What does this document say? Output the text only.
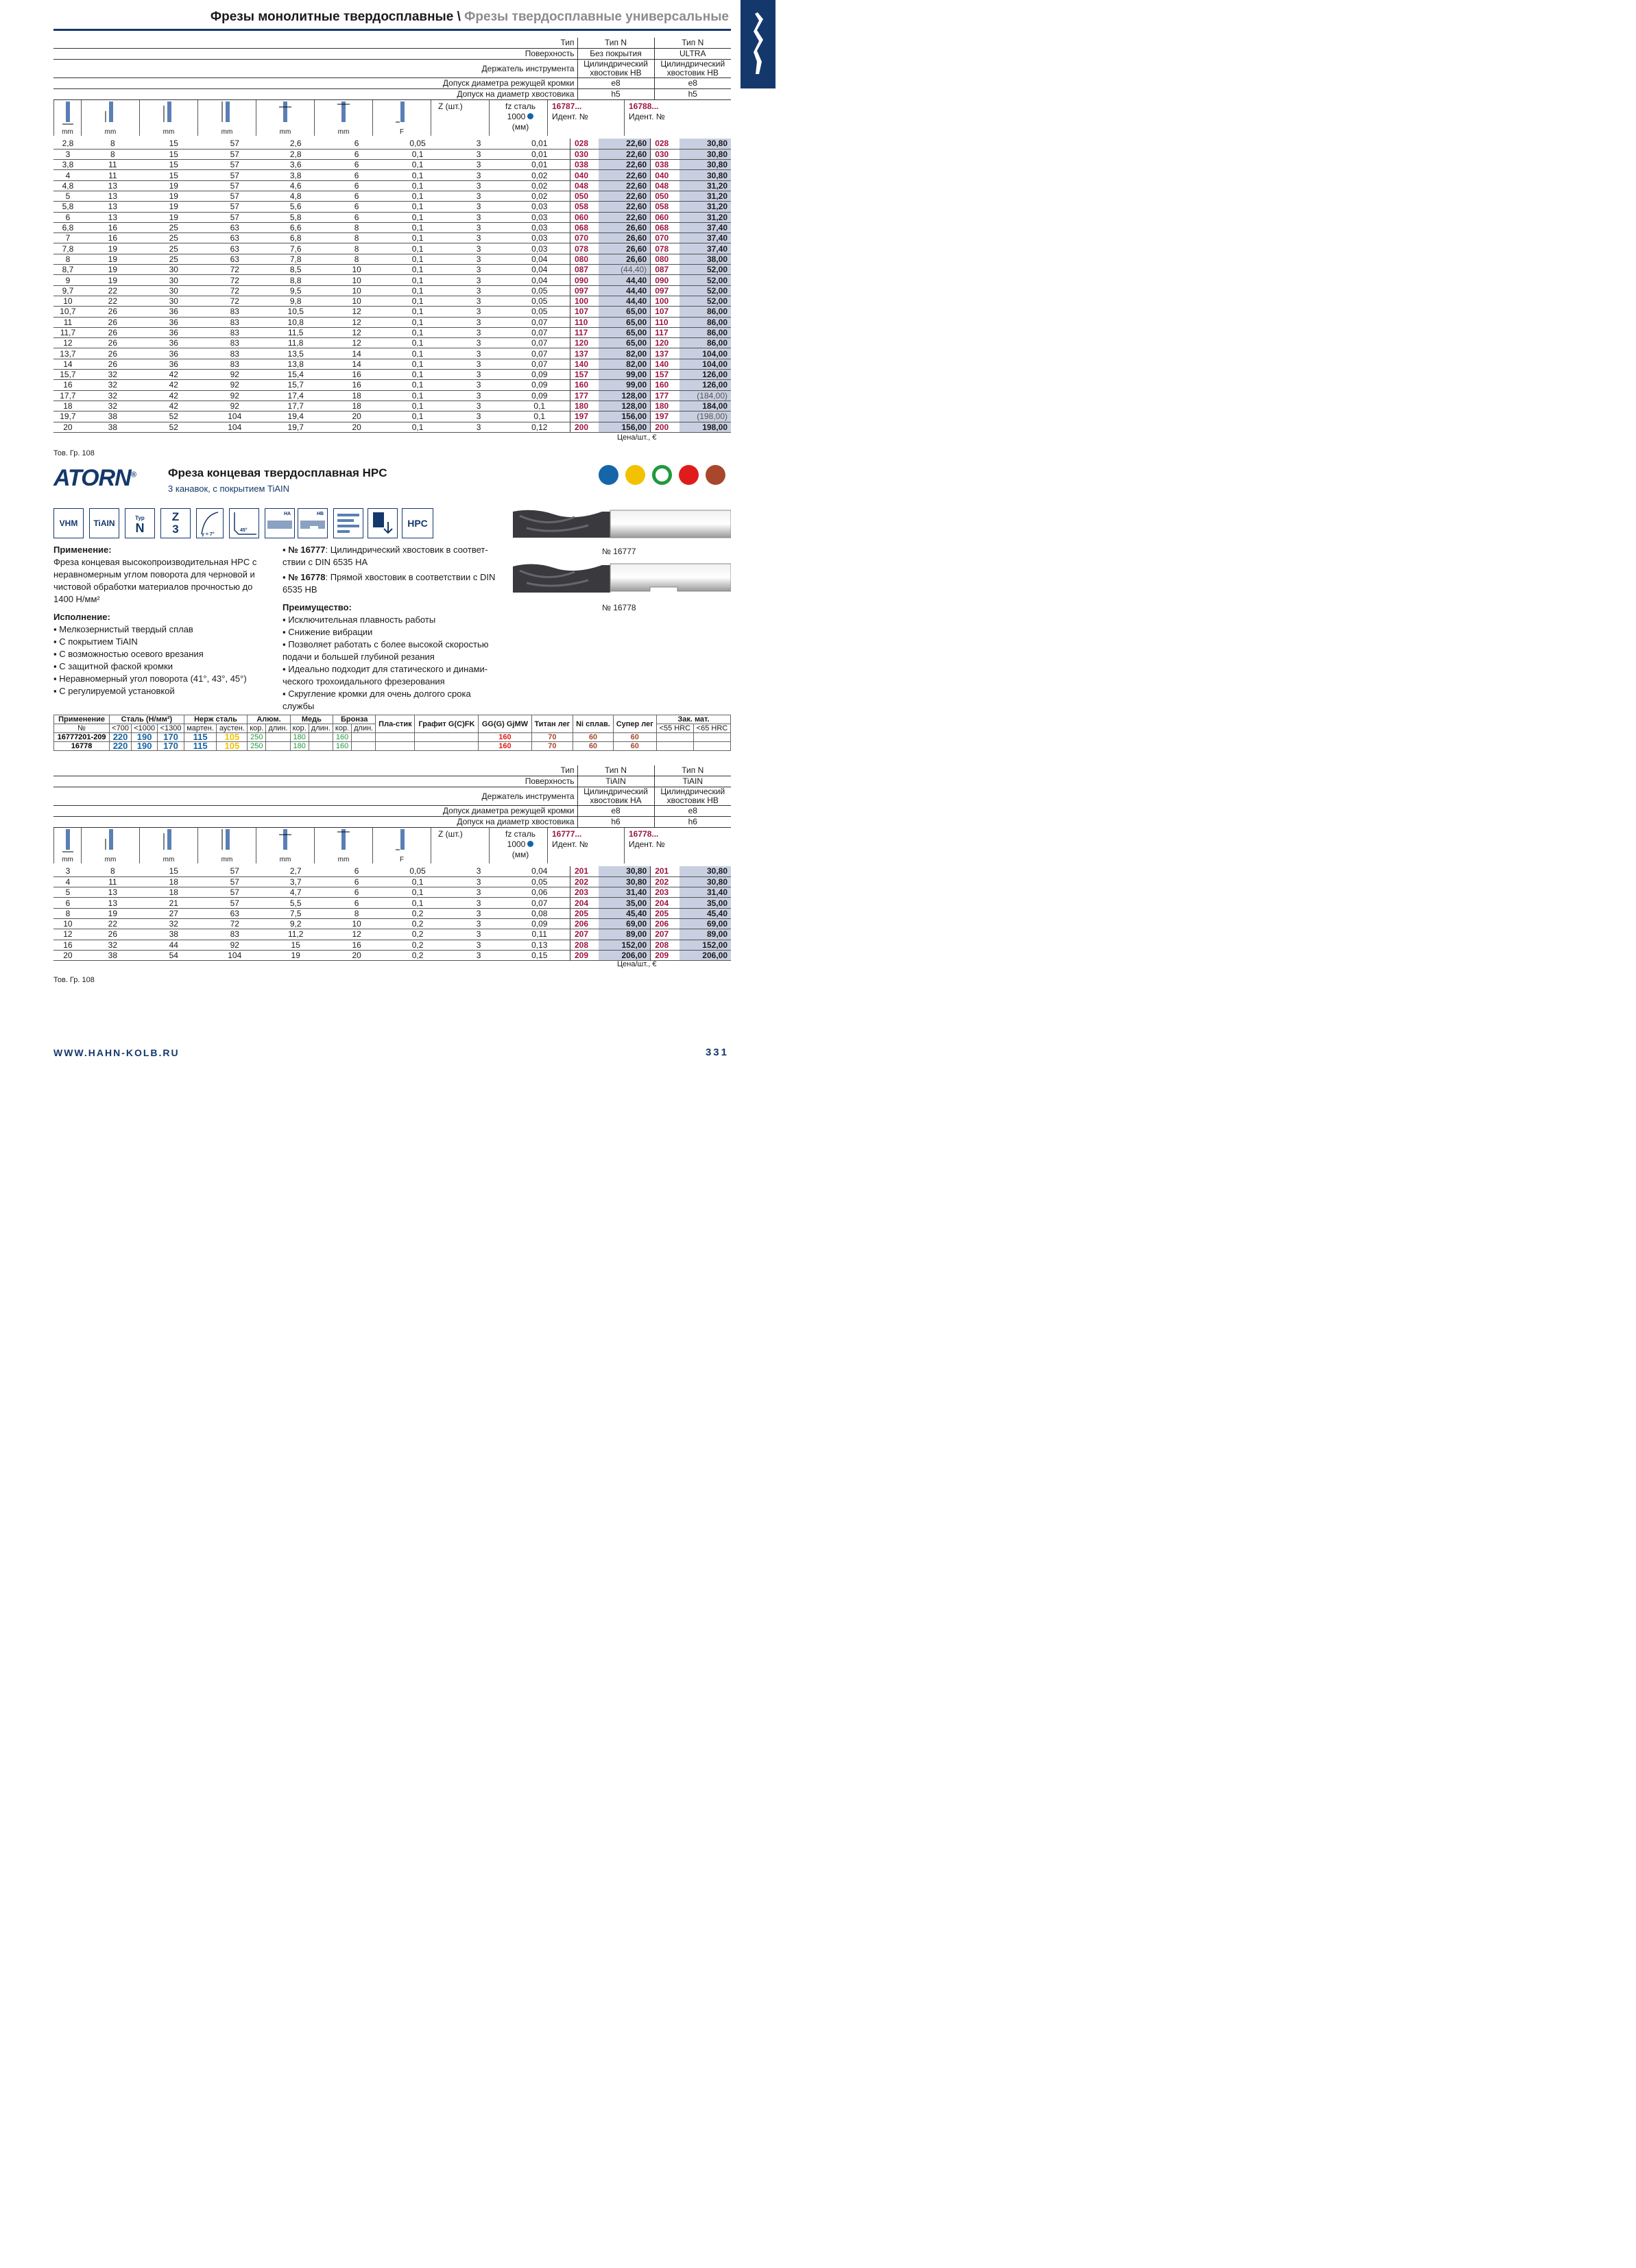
Фрезы монолитные твердосплавные \ Фрезы твердосплавные универсальные
Тип	Тип N	Тип N
Поверхность	Без покрытия	ULTRA
Держатель инструмента	Цилиндрический хвостовик HB	Цилиндрический хвостовик HB
Допуск диаметра режущей кромки	e8	e8
Допуск на диаметр хвостовика	h5	h5
mm	mm	mm	mm	mm	mm	F
Z (шт.)	fz сталь 1000
(мм)
16787...
Идент. №
16788...
Идент. №
2,8	8	15	57	2,6	6	0,05	3	0,01	028	22,60	028	30,80
3	8	15	57	2,8	6	0,1	3	0,01	030	22,60	030	30,80
3,8	11	15	57	3,6	6	0,1	3	0,01	038	22,60	038	30,80
4	11	15	57	3,8	6	0,1	3	0,02	040	22,60	040	30,80
4,8	13	19	57	4,6	6	0,1	3	0,02	048	22,60	048	31,20
5	13	19	57	4,8	6	0,1	3	0,02	050	22,60	050	31,20
5,8	13	19	57	5,6	6	0,1	3	0,03	058	22,60	058	31,20
6	13	19	57	5,8	6	0,1	3	0,03	060	22,60	060	31,20
6,8	16	25	63	6,6	8	0,1	3	0,03	068	26,60	068	37,40
7	16	25	63	6,8	8	0,1	3	0,03	070	26,60	070	37,40
7,8	19	25	63	7,6	8	0,1	3	0,03	078	26,60	078	37,40
8	19	25	63	7,8	8	0,1	3	0,04	080	26,60	080	38,00
8,7	19	30	72	8,5	10	0,1	3	0,04	087	(44,40)	087	52,00
9	19	30	72	8,8	10	0,1	3	0,04	090	44,40	090	52,00
9,7	22	30	72	9,5	10	0,1	3	0,05	097	44,40	097	52,00
10	22	30	72	9,8	10	0,1	3	0,05	100	44,40	100	52,00
10,7	26	36	83	10,5	12	0,1	3	0,05	107	65,00	107	86,00
11	26	36	83	10,8	12	0,1	3	0,07	110	65,00	110	86,00
11,7	26	36	83	11,5	12	0,1	3	0,07	117	65,00	117	86,00
12	26	36	83	11,8	12	0,1	3	0,07	120	65,00	120	86,00
13,7	26	36	83	13,5	14	0,1	3	0,07	137	82,00	137	104,00
14	26	36	83	13,8	14	0,1	3	0,07	140	82,00	140	104,00
15,7	32	42	92	15,4	16	0,1	3	0,09	157	99,00	157	126,00
16	32	42	92	15,7	16	0,1	3	0,09	160	99,00	160	126,00
17,7	32	42	92	17,4	18	0,1	3	0,09	177	128,00	177	(184,00)
18	32	42	92	17,7	18	0,1	3	0,1	180	128,00	180	184,00
19,7	38	52	104	19,4	20	0,1	3	0,1	197	156,00	197	(198,00)
20	38	52	104	19,7	20	0,1	3	0,12	200	156,00	200	198,00
Цена/шт., €
Тов. Гр. 108
ATORN®	Фреза концевая твердосплавная HPC
3 канавок, с покрытием TiAIN
VHM TiAIN
Typ
N
Z
3	γ = 7°
45°
HA	HB
HPC
№ 16777
№ 16778
Применение:

Фреза концевая высокопроизводительная HPC с неравномерным углом поворота для черновой и чистовой обработки материалов прочностью до 1400 Н/мм²

Исполнение:
▪ Мелкозернистый твердый сплав
▪ С покрытием TiAIN
▪ С возможностью осевого врезания
▪ С защитной фаской кромки
▪ Неравномерный угол поворота (41°, 43°, 45°)
▪ С регулируемой установкой
▪ № 16777: Цилиндрический хвостовик в соответ-ствии с DIN 6535 HA
▪ № 16778: Прямой хвостовик в соответствии с DIN 6535 HB
Преимущество:
▪ Исключительная плавность работы
▪ Снижение вибрации
▪ Позволяет работать с более высокой скоростью подачи и большей глубиной резания
▪ Идеально подходит для статического и динами-ческого трохоидального фрезерования
▪ Скругление кромки для очень долгого срока службы
Применение	Сталь (Н/мм²)			Нерж сталь		Алюм.		Медь		Бронза		Пла-стик	Графит G(C)FK	GG(G) GjMW	Титан лег	Ni сплав.	Супер лег	Зак. мат.	
№	<700	<1000	<1300	мартен.	аустен.	кор.	длин.	кор.	длин.	кор.	длин.							<55 HRC	<65 HRC
16777201-209	220	190	170	115	105	250		180		160				160	70	60	60		
16778	220	190	170	115	105	250		180		160				160	70	60	60		
Тип	Тип N	Тип N
Поверхность	TiAIN	TiAIN
Держатель инструмента	Цилиндрический хвостовик HA	Цилиндрический хвостовик HB
Допуск диаметра режущей кромки	e8	e8
Допуск на диаметр хвостовика	h6	h6
mm	mm	mm	mm	mm	mm	F
Z (шт.)	fz сталь 1000
(мм)
16777...
Идент. №
16778...
Идент. №
3	8	15	57	2,7	6	0,05	3	0,04	201	30,80	201	30,80
4	11	18	57	3,7	6	0,1	3	0,05	202	30,80	202	30,80
5	13	18	57	4,7	6	0,1	3	0,06	203	31,40	203	31,40
6	13	21	57	5,5	6	0,1	3	0,07	204	35,00	204	35,00
8	19	27	63	7,5	8	0,2	3	0,08	205	45,40	205	45,40
10	22	32	72	9,2	10	0,2	3	0,09	206	69,00	206	69,00
12	26	38	83	11,2	12	0,2	3	0,11	207	89,00	207	89,00
16	32	44	92	15	16	0,2	3	0,13	208	152,00	208	152,00
20	38	54	104	19	20	0,2	3	0,15	209	206,00	209	206,00
Цена/шт., €
Тов. Гр. 108
WWW.HAHN-KOLB.RU	331
